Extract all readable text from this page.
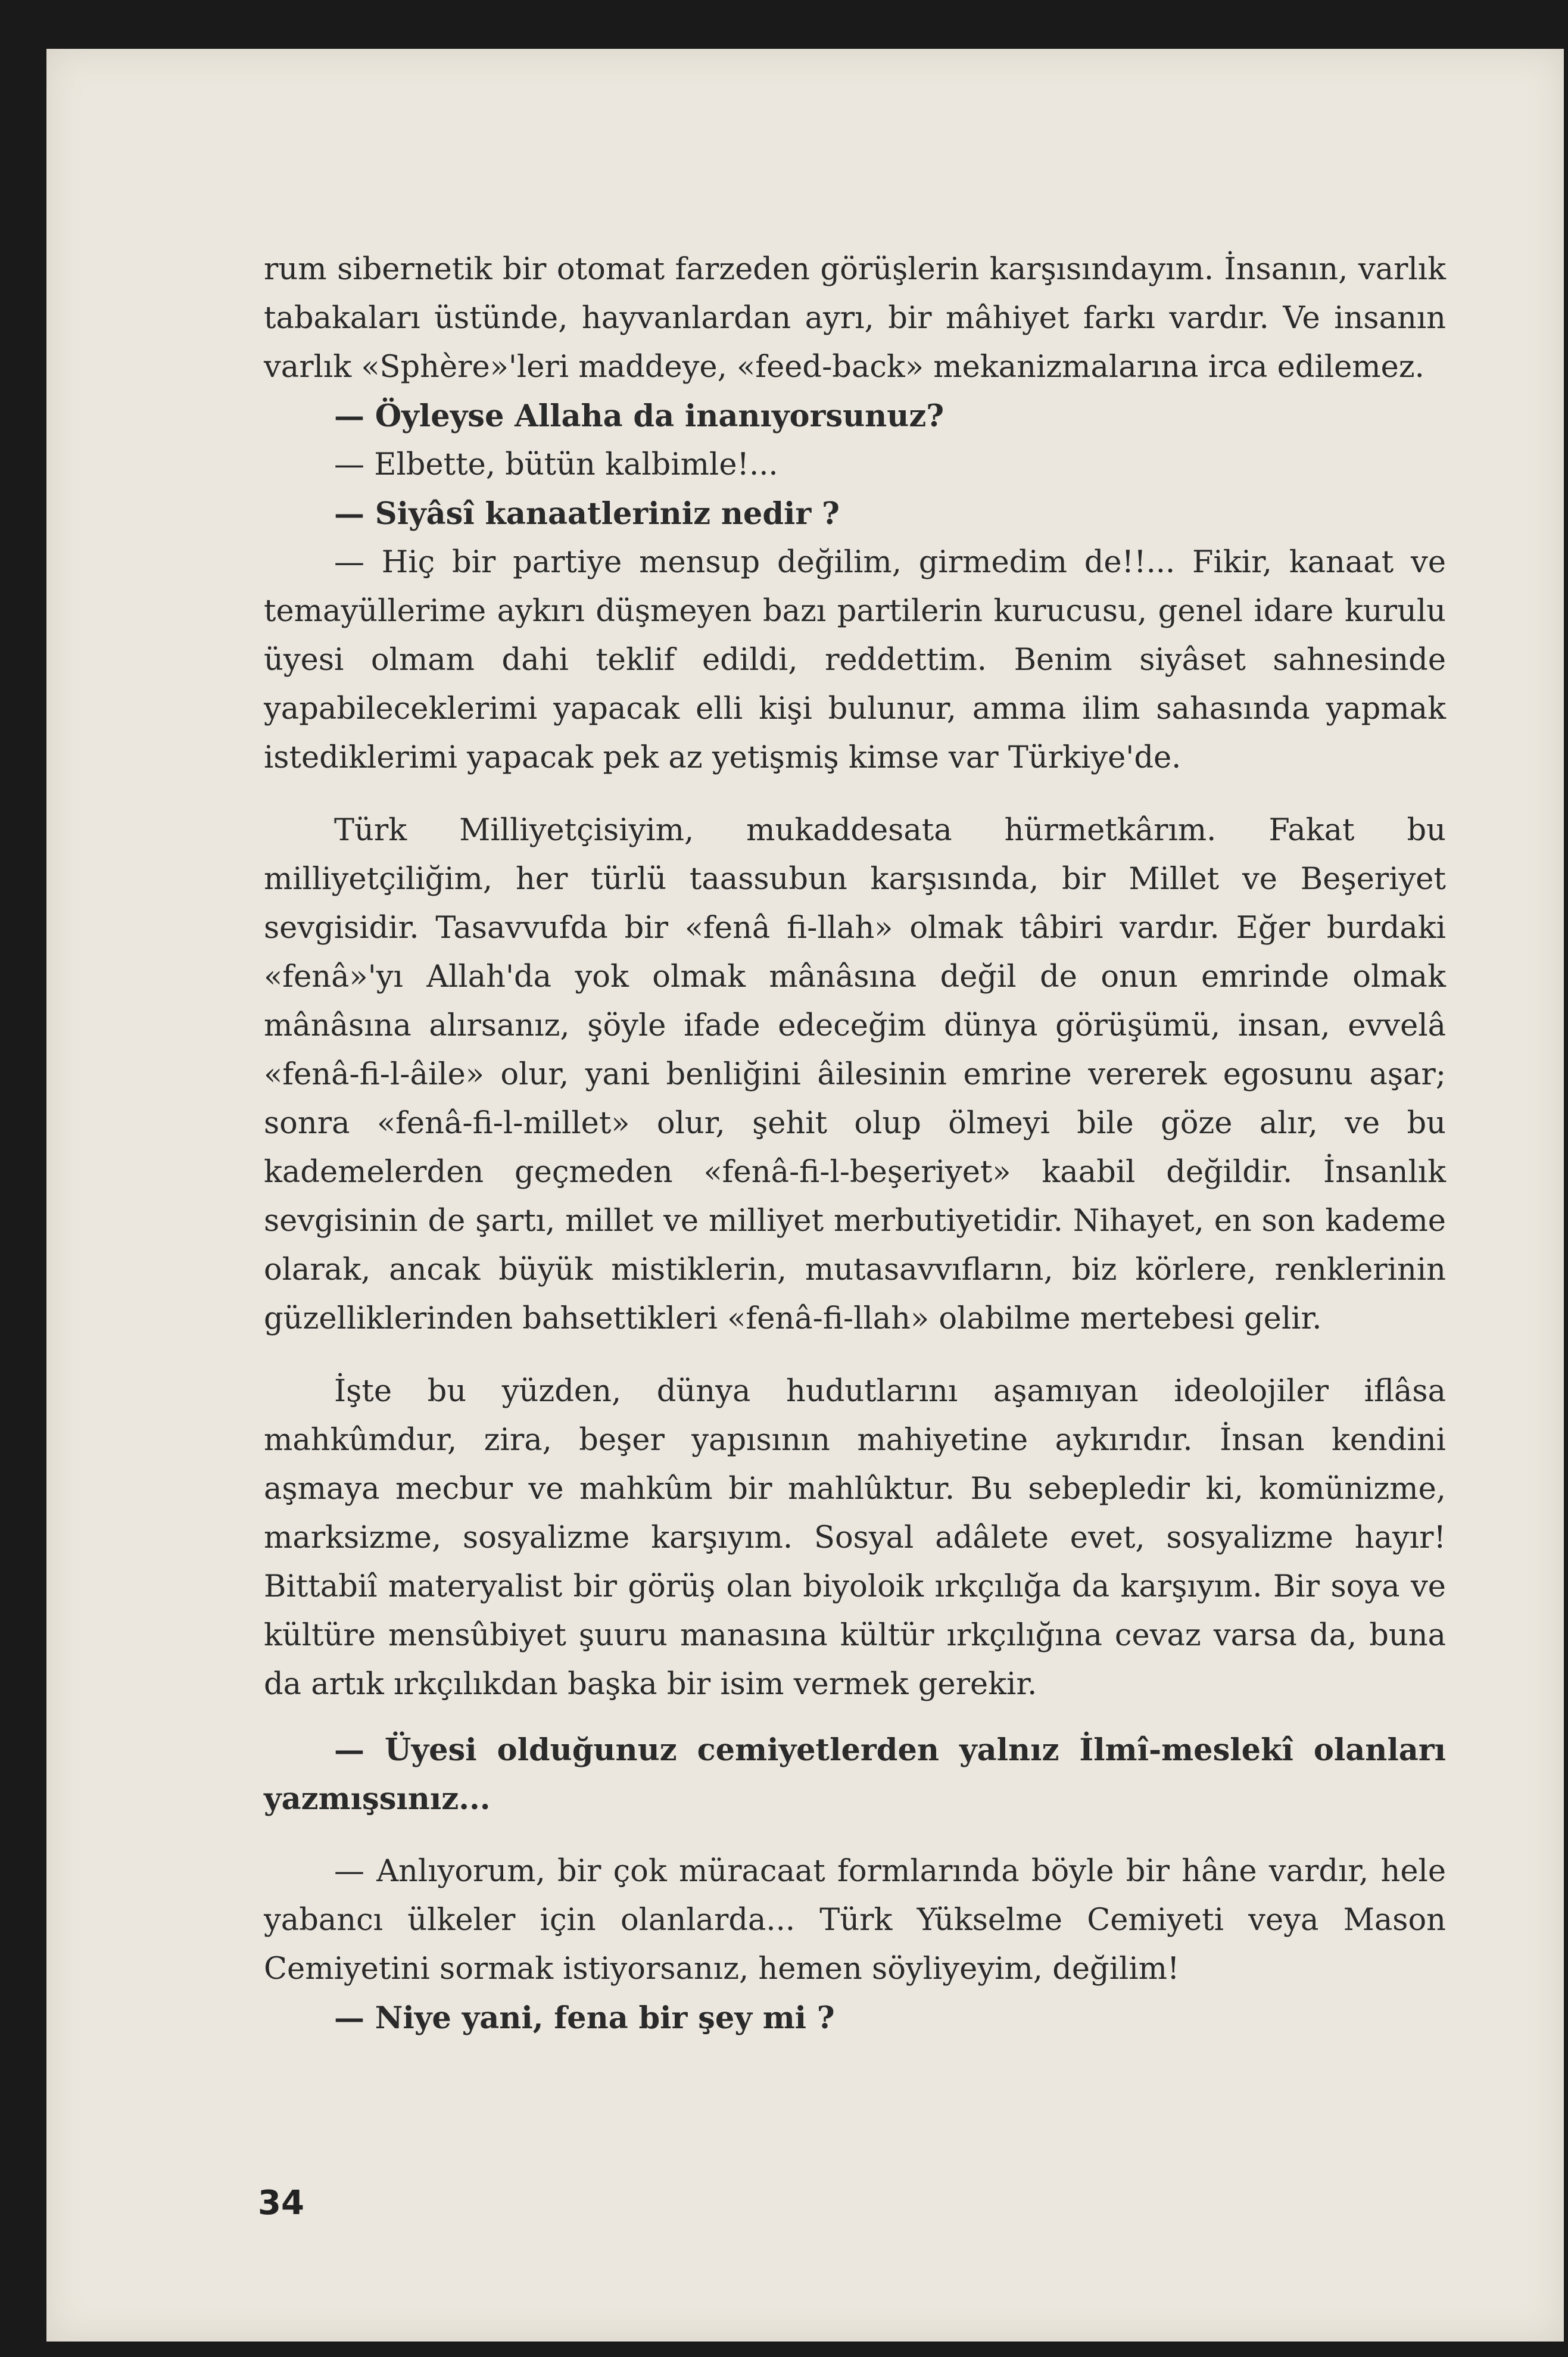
rum sibernetik bir otomat farzeden görüşlerin karşısındayım. İnsanın, varlık tabakaları üstünde, hayvanlardan ayrı, bir mâhiyet farkı vardır. Ve insanın varlık «Sphère»'leri maddeye, «feed-back» mekanizmalarına irca edilemez.

— Öyleyse Allaha da inanıyorsunuz?

— Elbette, bütün kalbimle!...

— Siyâsî kanaatleriniz nedir ?

— Hiç bir partiye mensup değilim, girmedim de!!... Fikir, kanaat ve temayüllerime aykırı düşmeyen bazı partilerin kurucusu, genel idare kurulu üyesi olmam dahi teklif edildi, reddettim. Benim siyâset sahnesinde yapabileceklerimi yapacak elli kişi bulunur, amma ilim sahasında yapmak istediklerimi yapacak pek az yetişmiş kimse var Türkiye'de.

Türk Milliyetçisiyim, mukaddesata hürmetkârım. Fakat bu milliyetçiliğim, her türlü taassubun karşısında, bir Millet ve Beşeriyet sevgisidir. Tasavvufda bir «fenâ fi-llah» olmak tâbiri vardır. Eğer burdaki «fenâ»'yı Allah'da yok olmak mânâsına değil de onun emrinde olmak mânâsına alırsanız, şöyle ifade edeceğim dünya görüşümü, insan, evvelâ «fenâ-fi-l-âile» olur, yani benliğini âilesinin emrine vererek egosunu aşar; sonra «fenâ-fi-l-millet» olur, şehit olup ölmeyi bile göze alır, ve bu kademelerden geçmeden «fenâ-fi-l-beşeriyet» kaabil değildir. İnsanlık sevgisinin de şartı, millet ve milliyet merbutiyetidir. Nihayet, en son kademe olarak, ancak büyük mistiklerin, mutasavvıfların, biz körlere, renklerinin güzelliklerinden bahsettikleri «fenâ-fi-llah» olabilme mertebesi gelir.

İşte bu yüzden, dünya hudutlarını aşamıyan ideolojiler iflâsa mahkûmdur, zira, beşer yapısının mahiyetine aykırıdır. İnsan kendini aşmaya mecbur ve mahkûm bir mahlûktur. Bu sebepledir ki, komünizme, marksizme, sosyalizme karşıyım. Sosyal adâlete evet, sosyalizme hayır! Bittabiî materyalist bir görüş olan biyoloik ırkçılığa da karşıyım. Bir soya ve kültüre mensûbiyet şuuru manasına kültür ırkçılığına cevaz varsa da, buna da artık ırkçılıkdan başka bir isim vermek gerekir.

— Üyesi olduğunuz cemiyetlerden yalnız İlmî-meslekî olanları yazmışsınız...

— Anlıyorum, bir çok müracaat formlarında böyle bir hâne vardır, hele yabancı ülkeler için olanlarda... Türk Yükselme Cemiyeti veya Mason Cemiyetini sormak istiyorsanız, hemen söyliyeyim, değilim!

— Niye yani, fena bir şey mi ?

34
